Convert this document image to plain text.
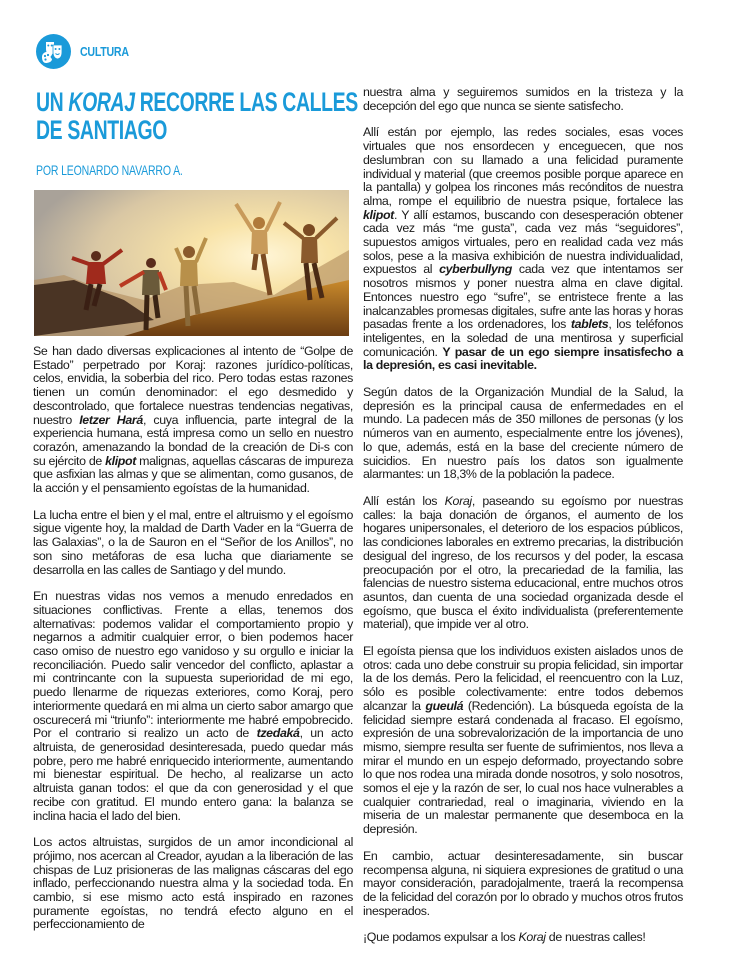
CULTURA
UN KORAJ RECORRE LAS CALLES
DE SANTIAGO
POR LEONARDO NAVARRO A.

Se han dado diversas explicaciones al intento de “Golpe de Estado” perpetrado por Koraj: razones jurídico-políticas, celos, envidia, la soberbia del rico. Pero todas estas razones tienen un común denominador: el ego desmedido y descontrolado, que fortalece nuestras tendencias negativas, nuestro Ietzer Hará, cuya influencia, parte integral de la experiencia humana, está impresa como un sello en nuestro corazón, amenazando la bondad de la creación de Di-s con su ejército de klipot malignas, aquellas cáscaras de impureza que asfixian las almas y que se alimentan, como gusanos, de la acción y el pensamiento egoístas de la humanidad.

La lucha entre el bien y el mal, entre el altruismo y el egoísmo sigue vigente hoy, la maldad de Darth Vader en la “Guerra de las Galaxias”, o la de Sauron en el “Señor de los Anillos”, no son sino metáforas de esa lucha que diariamente se desarrolla en las calles de Santiago y del mundo.

En nuestras vidas nos vemos a menudo enredados en situaciones conflictivas. Frente a ellas, tenemos dos alternativas: podemos validar el comportamiento propio y negarnos a admitir cualquier error, o bien podemos hacer caso omiso de nuestro ego vanidoso y su orgullo e iniciar la reconciliación. Puedo salir vencedor del conflicto, aplastar a mi contrincante con la supuesta superioridad de mi ego, puedo llenarme de riquezas exteriores, como Koraj, pero interiormente quedará en mi alma un cierto sabor amargo que oscurecerá mi “triunfo”: interiormente me habré empobrecido. Por el contrario si realizo un acto de tzedaká, un acto altruista, de generosidad desinteresada, puedo quedar más pobre, pero me habré enriquecido interiormente, aumentando mi bienestar espiritual. De hecho, al realizarse un acto altruista ganan todos: el que da con generosidad y el que recibe con gratitud. El mundo entero gana: la balanza se inclina hacia el lado del bien.

Los actos altruistas, surgidos de un amor incondicional al prójimo, nos acercan al Creador, ayudan a la liberación de las chispas de Luz prisioneras de las malignas cáscaras del ego inflado, perfeccionando nuestra alma y la sociedad toda. En cambio, si ese mismo acto está inspirado en razones puramente egoístas, no tendrá efecto alguno en el perfeccionamiento de

nuestra alma y seguiremos sumidos en la tristeza y la decepción del ego que nunca se siente satisfecho.

Allí están por ejemplo, las redes sociales, esas voces virtuales que nos ensordecen y enceguecen, que nos deslumbran con su llamado a una felicidad puramente individual y material (que creemos posible porque aparece en la pantalla) y golpea los rincones más recónditos de nuestra alma, rompe el equilibrio de nuestra psique, fortalece las klipot. Y allí estamos, buscando con desesperación obtener cada vez más “me gusta”, cada vez más “seguidores”, supuestos amigos virtuales, pero en realidad cada vez más solos, pese a la masiva exhibición de nuestra individualidad, expuestos al cyberbullyng cada vez que intentamos ser nosotros mismos y poner nuestra alma en clave digital. Entonces nuestro ego “sufre”, se entristece frente a las inalcanzables promesas digitales, sufre ante las horas y horas pasadas frente a los ordenadores, los tablets, los teléfonos inteligentes, en la soledad de una mentirosa y superficial comunicación. Y pasar de un ego siempre insatisfecho a la depresión, es casi inevitable.

Según datos de la Organización Mundial de la Salud, la depresión es la principal causa de enfermedades en el mundo. La padecen más de 350 millones de personas (y los números van en aumento, especialmente entre los jóvenes), lo que, además, está en la base del creciente número de suicidios. En nuestro país los datos son igualmente alarmantes: un 18,3% de la población la padece.

Allí están los Koraj, paseando su egoísmo por nuestras calles: la baja donación de órganos, el aumento de los hogares unipersonales, el deterioro de los espacios públicos, las condiciones laborales en extremo precarias, la distribución desigual del ingreso, de los recursos y del poder, la escasa preocupación por el otro, la precariedad de la familia, las falencias de nuestro sistema educacional, entre muchos otros asuntos, dan cuenta de una sociedad organizada desde el egoísmo, que busca el éxito individualista (preferentemente material), que impide ver al otro.

El egoísta piensa que los individuos existen aislados unos de otros: cada uno debe construir su propia felicidad, sin importar la de los demás. Pero la felicidad, el reencuentro con la Luz, sólo es posible colectivamente: entre todos debemos alcanzar la gueulá (Redención). La búsqueda egoísta de la felicidad siempre estará condenada al fracaso. El egoísmo, expresión de una sobrevalorización de la importancia de uno mismo, siempre resulta ser fuente de sufrimientos, nos lleva a mirar el mundo en un espejo deformado, proyectando sobre lo que nos rodea una mirada donde nosotros, y solo nosotros, somos el eje y la razón de ser, lo cual nos hace vulnerables a cualquier contrariedad, real o imaginaria, viviendo en la miseria de un malestar permanente que desemboca en la depresión.

En cambio, actuar desinteresadamente, sin buscar recompensa alguna, ni siquiera expresiones de gratitud o una mayor consideración, paradojalmente, traerá la recompensa de la felicidad del corazón por lo obrado y muchos otros frutos inesperados.

¡Que podamos expulsar a los Koraj de nuestras calles!
